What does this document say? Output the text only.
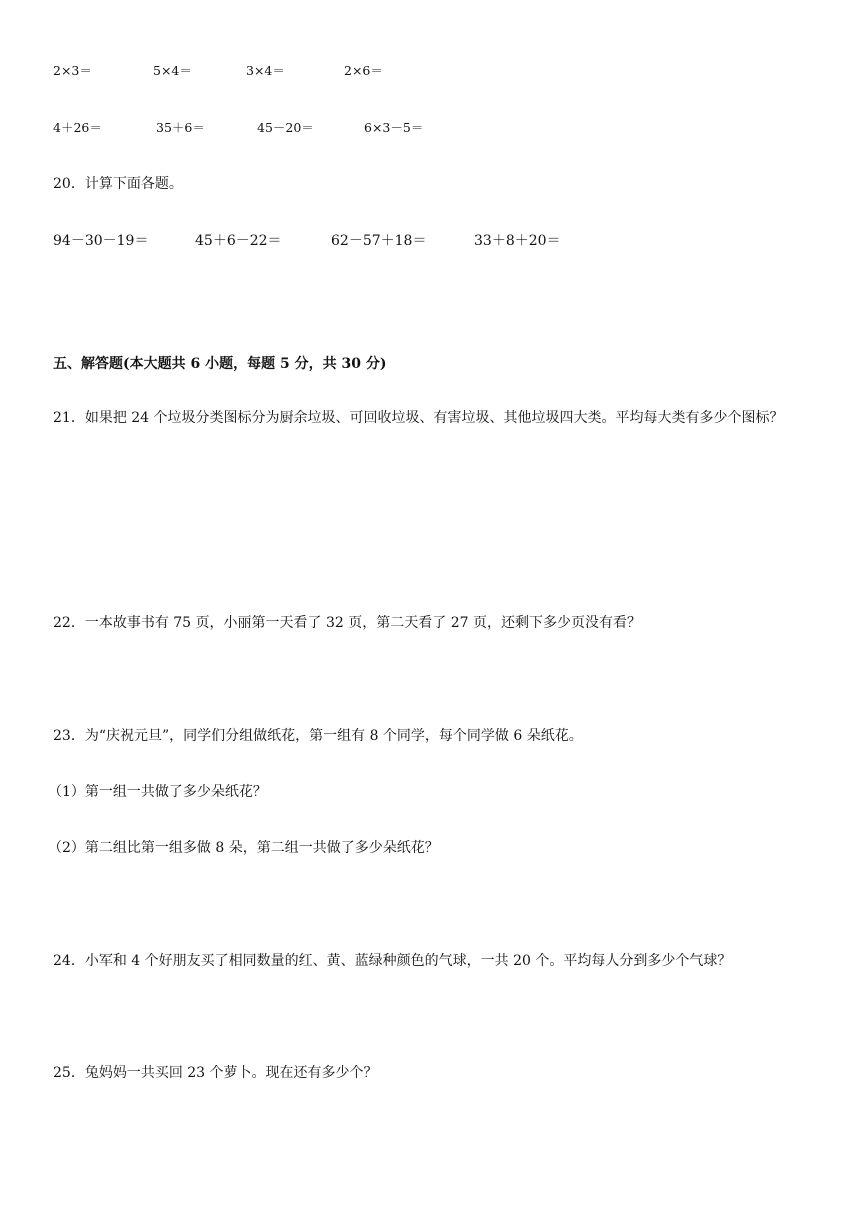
2×3＝	5×4＝	3×4＝	2×6＝
4＋26＝	35＋6＝	45－20＝	6×3－5＝
20．计算下面各题。
94－30－19＝	45＋6－22＝	62－57＋18＝	33＋8＋20＝
五、解答题(本大题共 6 小题，每题 5 分，共 30 分)
21．如果把 24 个垃圾分类图标分为厨余垃圾、可回收垃圾、有害垃圾、其他垃圾四大类。平均每大类有多少个图标？
22．一本故事书有 75 页，小丽第一天看了 32 页，第二天看了 27 页，还剩下多少页没有看？
23．为“庆祝元旦”，同学们分组做纸花，第一组有 8 个同学，每个同学做 6 朵纸花。
（1）第一组一共做了多少朵纸花？
（2）第二组比第一组多做 8 朵，第二组一共做了多少朵纸花？
24．小军和 4 个好朋友买了相同数量的红、黄、蓝绿种颜色的气球，一共 20 个。平均每人分到多少个气球？
25．兔妈妈一共买回 23 个萝卜。现在还有多少个？
